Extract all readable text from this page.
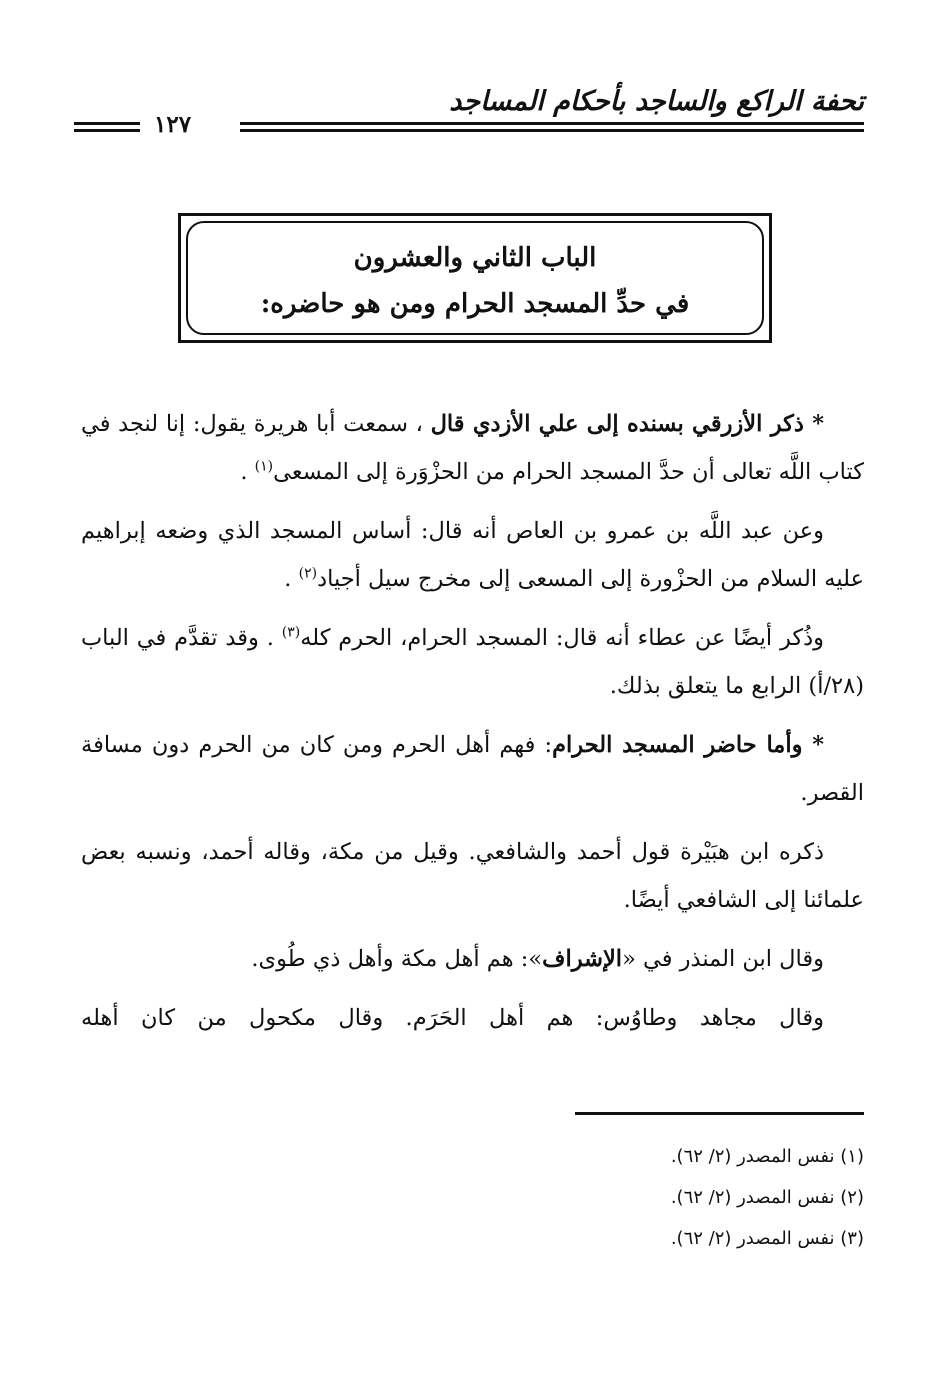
تحفة الراكع والساجد بأحكام المساجد
١٢٧
الباب الثاني والعشرون
في حدِّ المسجد الحرام ومن هو حاضره:

* ذكر الأزرقي بسنده إلى علي الأزدي قال ، سمعت أبا هريرة يقول: إنا لنجد في كتاب اللَّه تعالى أن حدَّ المسجد الحرام من الحزْوَرة إلى المسعى$^{(١)}$ .

وعن عبد اللَّه بن عمرو بن العاص أنه قال: أساس المسجد الذي وضعه إبراهيم عليه السلام من الحزْورة إلى المسعى إلى مخرج سيل أجياد$^{(٢)}$ .

وذُكر أيضًا عن عطاء أنه قال: المسجد الحرام، الحرم كله$^{(٣)}$ . وقد تقدَّم في الباب (٢٨/أ) الرابع ما يتعلق بذلك.

* وأما حاضر المسجد الحرام: فهم أهل الحرم ومن كان من الحرم دون مسافة القصر.

ذكره ابن هبَيْرة قول أحمد والشافعي. وقيل من مكة، وقاله أحمد، ونسبه بعض علمائنا إلى الشافعي أيضًا.

وقال ابن المنذر في «الإشراف»: هم أهل مكة وأهل ذي طُوى.

وقال مجاهد وطاوُس: هم أهل الحَرَم. وقال مكحول من كان أهله

(١) نفس المصدر (٢/ ٦٢).
(٢) نفس المصدر (٢/ ٦٢).
(٣) نفس المصدر (٢/ ٦٢).
